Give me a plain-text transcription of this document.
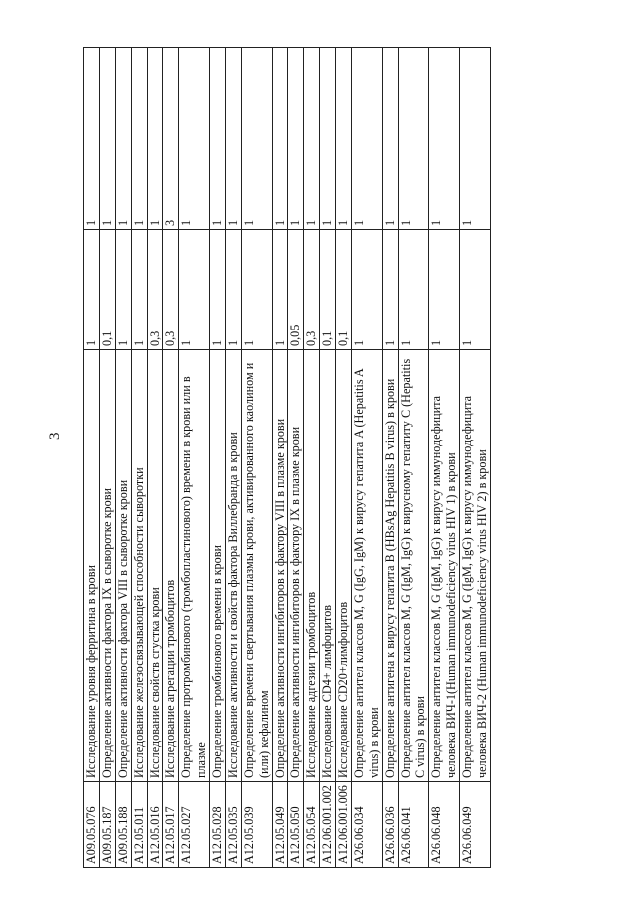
3
A09.05.076	Исследование уровня ферритина в крови	1	1
A09.05.187	Определение активности фактора IX в сыворотке крови	0,1	1
A09.05.188	Определение активности фактора VIII в сыворотке крови	1	1
A12.05.011	Исследование железосвязывающей способности сыворотки	1	1
A12.05.016	Исследование свойств сгустка крови	0,3	1
A12.05.017	Исследование агрегации тромбоцитов	0,3	3
A12.05.027	Определение протромбинового (тромбопластинового) времени в крови или в плазме	1	1
A12.05.028	Определение тромбинового времени в крови	1	1
A12.05.035	Исследование активности и свойств фактора Виллебранда в крови	1	1
A12.05.039	Определение времени свертывания плазмы крови, активированного каолином и (или) кефалином	1	1
A12.05.049	Определение активности ингибиторов к фактору VIII в плазме крови	1	1
A12.05.050	Определение активности ингибиторов к фактору IX в плазме крови	0,05	1
A12.05.054	Исследование адгезии тромбоцитов	0,3	1
A12.06.001.002	Исследование CD4+ лимфоцитов	0,1	1
A12.06.001.006	Исследование CD20+лимфоцитов	0,1	1
A26.06.034	Определение антител классов M, G (IgG, IgM) к вирусу гепатита A (Hepatitis A virus) в крови	1	1
A26.06.036	Определение антигена к вирусу гепатита B (HBsAg Hepatitis B virus) в крови	1	1
A26.06.041	Определение антител классов M, G (IgM, IgG) к вирусному гепатиту C (Hepatitis C virus) в крови	1	1
A26.06.048	Определение антител классов M, G (IgM, IgG) к вирусу иммунодефицита человека ВИЧ-1(Human immunodeficiency virus HIV 1) в крови	1	1
A26.06.049	Определение антител классов M, G (IgM, IgG) к вирусу иммунодефицита человека ВИЧ-2 (Human immunodeficiency virus HIV 2) в крови	1	1
